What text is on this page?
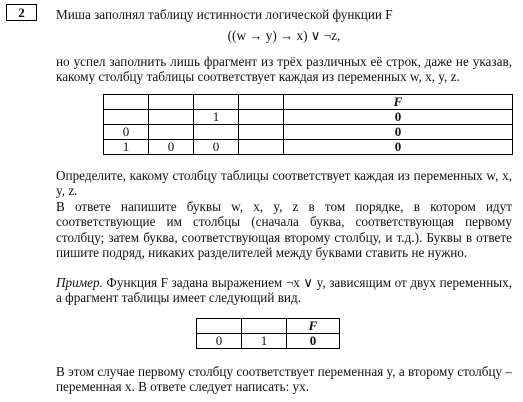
2	Миша заполнял таблицу истинности логической функции F
((w → y) → x) ∨ ¬z,
но успел заполнить лишь фрагмент из трёх различных её строк, даже не указав, какому столбцу таблицы соответствует каждая из переменных w, x, y, z.
				F
		1		0
0				0
1	0	0		0
Определите, какому столбцу таблицы соответствует каждая из переменных w, x, y, z.
В ответе напишите буквы w, x, y, z в том порядке, в котором идут соответствующие им столбцы (сначала буква, соответствующая первому столбцу; затем буква, соответствующая второму столбцу, и т.д.). Буквы в ответе пишите подряд, никаких разделителей между буквами ставить не нужно.
Пример. Функция F задана выражением ¬x ∨ y, зависящим от двух переменных, а фрагмент таблицы имеет следующий вид.
		F
0	1	0
В этом случае первому столбцу соответствует переменная y, а второму столбцу – переменная x. В ответе следует написать: yx.
